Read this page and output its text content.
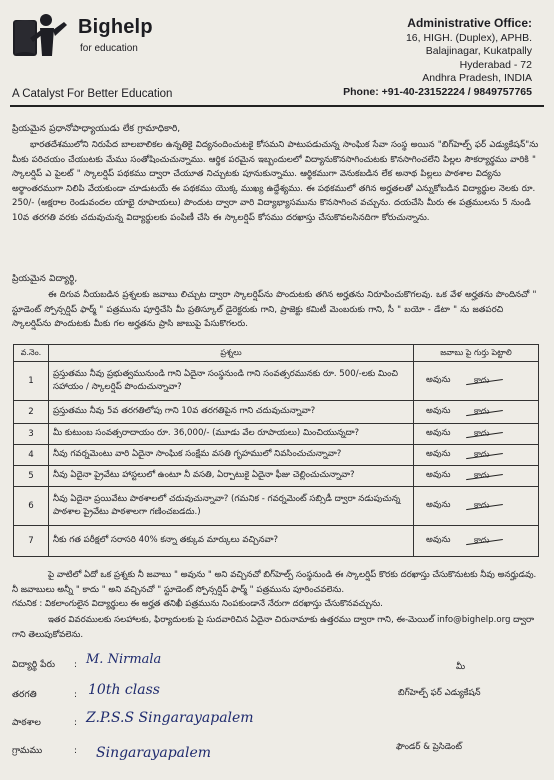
Bighelp
for education
A Catalyst For Better Education
Administrative Office:
16, HIGH. (Duplex), APHB.
Balajinagar, Kukatpally
Hyderabad - 72
Andhra Pradesh, INDIA
Phone: +91-40-23152224 / 9849757765
ప్రియమైన ప్రధానోపాధ్యాయుడు లేక గ్రామాధికారి,
భారతదేశములోని నిరుపేద బాలబాలికల ఉన్నతికై విద్యనందించుటకై కోసమని పాటుపడుచున్న సాంఘిక సేవా సంస్థ అయిన "బిగ్‌హెల్ప్ ఫర్ ఎడ్యుకేషన్"ను మీకు పరిచయం చేయుటకు మేము సంతోషించుచున్నాము. ఆర్థిక పరమైన ఇబ్బందులలో విద్యానుకొనసాగించుటకు కొనసాగించలేని పిల్లల సౌకర్యార్థము వారికి " స్కాలర్షిప్ ఎ పైలట్ " స్కాలర్షిప్ పథకము ద్వారా చేయూత నిచ్చుటకు పూనుకున్నాము. ఆర్థికముగా వెనుకబడిన లేక అనాథ పిల్లలు పాఠశాల విద్యను అర్థాంతరముగా నిలిపి వేయకుండా చూడుటయే ఈ పథకము యొక్క ముఖ్య ఉద్దేశ్యము. ఈ పథకములో తగిన అర్హతలతో ఎన్నుకోబడిన విద్యార్థుల నెలకు రూ. 250/- (అక్షరాల రెండువందల యాభై రూపాయలు) పొందుట ద్వారా వారి విద్యాభ్యాసమును కొనసాగించ వచ్చును. దయచేసి మీరు ఈ పత్రములను 5 నుండి 10వ తరగతి వరకు చదువుచున్న విద్యార్థులకు పంపిణీ చేసి ఈ స్కాలర్షిప్ కోసము దరఖాస్తు చేసుకొవలసినదిగా కోరుచున్నాను.
ప్రియమైన విద్యార్థి,
ఈ దిగువ నీయబడిన ప్రశ్నలకు జవాబు లిచ్చుట ద్వారా స్కాలర్షిప్‌ను పొందుటకు తగిన అర్హతను నిరూపించుకొగలవు. ఒక వేళ అర్హతను పొందినచో " స్టూడెంట్ స్పోన్సర్షిప్ ఫార్మ్ " పత్రమును పూర్తిచేసి మీ ప్రతిస్కూల్ డైరెక్టరుకు గాని, ప్రాజెక్టు కమిటీ మెంబరుకు గాని, సీ " బయో - డేటా " ను జతపరచి స్కాలర్షిప్‌ను పొందుటకు మీకు గల అర్హతను ప్రాసి జాబుపై పేసుకొగలరు.
వ.నెం.	ప్రశ్నలు	జవాబు పై గుర్తు పెట్టాలి
1	ప్రస్తుతము నీవు ప్రభుత్వమునుండి గాని ఏదైనా సంస్థనుండి గాని సంవత్సరమునకు రూ. 500/-లకు మించి సహాయం / స్కాలర్షిప్ పొందుచున్నావా?	అవును కాదు

2	ప్రస్తుతము నీవు 5వ తరగతిలోపు గాని 10వ తరగతిపైన గాని చదువుచున్నావా?	అవును కాదు

3	మీ కుటుంబ సంవత్సరాదాయం రూ. 36,000/- (మూడు వేల రూపాయలు) మించియున్నదా?	అవును కాదు

4	నీవు గవర్నమెంటు వారి ఏదైనా సాంఘిక సంక్షేమ వసతి గృహములో నివసించుచున్నావా?	అవును కాదు

5	నీవు ఏదైనా ప్రైవేటు హాస్టలులో ఉంటూ నీ వసతి, ఏర్పాటుకై ఏదైనా ఫీజు చెల్లించుచున్నావా?	అవును కాదు

6	నీవు ఏదైనా ప్రయివేటు పాఠశాలలో చదువుచున్నావా? (గమనిక - గవర్నమెంట్ సబ్సిడీ ద్వారా నడుపుచున్న పాఠశాల ప్రైవేటు పాఠశాలగా గణించబడదు.)	అవును కాదు

7	నీకు గత పరీక్షలో సరాసరి 40% కన్నా తక్కువ మార్కులు వచ్చినవా?	అవును కాదు
పై వాటిలో ఏదో ఒక ప్రశ్నకు నీ జవాబు " అవును " అని వచ్చినచో బిగ్‌హెల్ప్ సంస్థనుండి ఈ స్కాలర్షిప్ కొరకు దరఖాస్తు చేసుకొనుటకు నీవు అనర్హుడవు. నీ జవాబులు అన్నీ " కాదు " అని వచ్చినచో " స్టూడెంట్ స్పోన్సర్షిప్ ఫార్మ్ " పత్రమును పూరించవలెను.
గమనిక : వికలాంగులైన విద్యార్థులు ఈ అర్హత తనిఖీ పత్రమును నింపకుండానే నేరుగా దరఖాస్తు చేసుకొనవచ్చును.
ఇతర వివరములకు సలహాలకు, ఫిర్యాదులకు పై సుదవారిచిన ఏదైనా చిరునామాకు ఉత్తరము ద్వారా గాని, ఈ-మెయిల్ info@bighelp.org ద్వారా గాని తెలుపుకోవలెను.
విద్యార్థి పేరు : M. Nirmala
తరగతి	: 10th class
పాఠశాల	: Z.P.S.S Singarayapalem
గ్రామము	: Singarayapalem
మీ
బిగ్‌హెల్ప్ ఫర్ ఎడ్యుకేషన్
ఫౌండర్ & ప్రెసిడెంట్
